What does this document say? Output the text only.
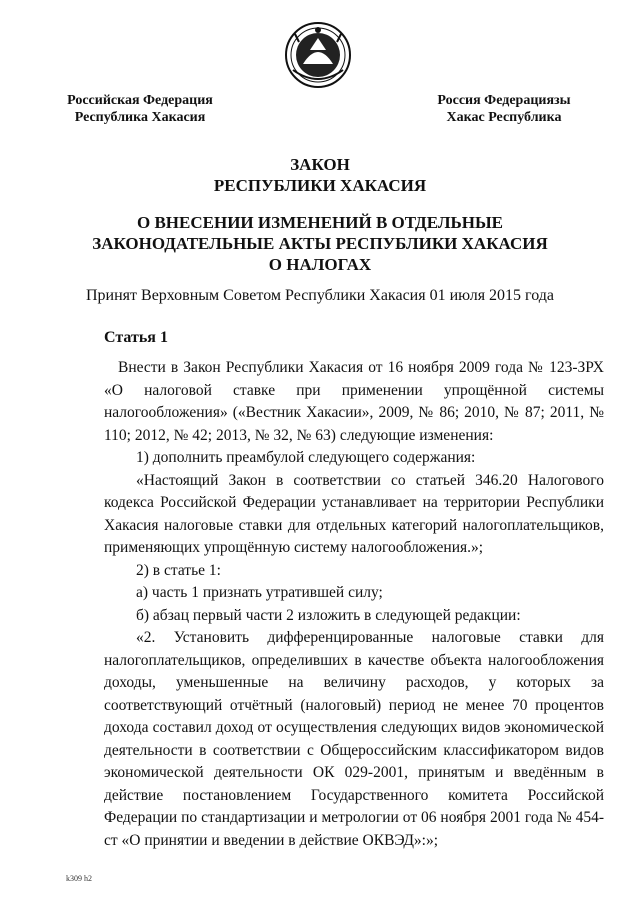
Российская Федерация
Республика Хакасия
Россия Федерациязы
Хакас Республика
ЗАКОН
РЕСПУБЛИКИ ХАКАСИЯ
О ВНЕСЕНИИ ИЗМЕНЕНИЙ В ОТДЕЛЬНЫЕ
ЗАКОНОДАТЕЛЬНЫЕ АКТЫ РЕСПУБЛИКИ ХАКАСИЯ
О НАЛОГАХ
Принят Верховным Советом Республики Хакасия 01 июля 2015 года
Статья 1

Внести в Закон Республики Хакасия от 16 ноября 2009 года № 123-ЗРХ «О налоговой ставке при применении упрощённой системы налогообложения» («Вестник Хакасии», 2009, № 86; 2010, № 87; 2011, № 110; 2012, № 42; 2013, № 32, № 63) следующие изменения:

1) дополнить преамбулой следующего содержания:

«Настоящий Закон в соответствии со статьей 346.20 Налогового кодекса Российской Федерации устанавливает на территории Республики Хакасия налоговые ставки для отдельных категорий налогоплательщиков, применяющих упрощённую систему налогообложения.»;

2) в статье 1:

а) часть 1 признать утратившей силу;

б) абзац первый части 2 изложить в следующей редакции:

«2. Установить дифференцированные налоговые ставки для налогоплательщиков, определивших в качестве объекта налогообложения доходы, уменьшенные на величину расходов, у которых за соответствующий отчётный (налоговый) период не менее 70 процентов дохода составил доход от осуществления следующих видов экономической деятельности в соответствии с Общероссийским классификатором видов экономической деятельности ОК 029-2001, принятым и введённым в действие постановлением Государственного комитета Российской Федерации по стандартизации и метрологии от 06 ноября 2001 года № 454-ст «О принятии и введении в действие ОКВЭД»:»;

k309 h2
